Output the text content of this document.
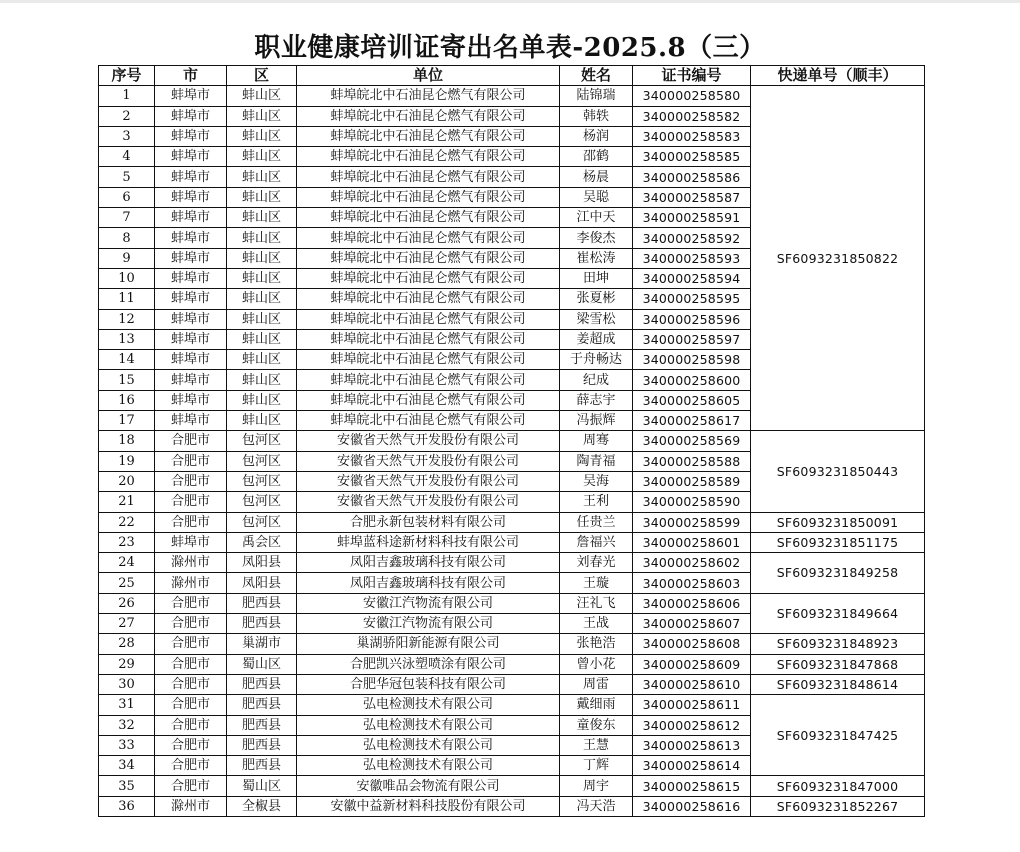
职业健康培训证寄出名单表-2025.8（三）
序号	市	区	单位	姓名	证书编号	快递单号（顺丰）
1	蚌埠市	蚌山区	蚌埠皖北中石油昆仑燃气有限公司	陆锦瑞	340000258580	SF6093231850822
2	蚌埠市	蚌山区	蚌埠皖北中石油昆仑燃气有限公司	韩轶	340000258582	
3	蚌埠市	蚌山区	蚌埠皖北中石油昆仑燃气有限公司	杨润	340000258583	
4	蚌埠市	蚌山区	蚌埠皖北中石油昆仑燃气有限公司	邵鹤	340000258585	
5	蚌埠市	蚌山区	蚌埠皖北中石油昆仑燃气有限公司	杨晨	340000258586	
6	蚌埠市	蚌山区	蚌埠皖北中石油昆仑燃气有限公司	吴聪	340000258587	
7	蚌埠市	蚌山区	蚌埠皖北中石油昆仑燃气有限公司	江中天	340000258591	
8	蚌埠市	蚌山区	蚌埠皖北中石油昆仑燃气有限公司	李俊杰	340000258592	
9	蚌埠市	蚌山区	蚌埠皖北中石油昆仑燃气有限公司	崔松涛	340000258593	
10	蚌埠市	蚌山区	蚌埠皖北中石油昆仑燃气有限公司	田坤	340000258594	
11	蚌埠市	蚌山区	蚌埠皖北中石油昆仑燃气有限公司	张夏彬	340000258595	
12	蚌埠市	蚌山区	蚌埠皖北中石油昆仑燃气有限公司	梁雪松	340000258596	
13	蚌埠市	蚌山区	蚌埠皖北中石油昆仑燃气有限公司	姜超成	340000258597	
14	蚌埠市	蚌山区	蚌埠皖北中石油昆仑燃气有限公司	于舟畅达	340000258598	
15	蚌埠市	蚌山区	蚌埠皖北中石油昆仑燃气有限公司	纪成	340000258600	
16	蚌埠市	蚌山区	蚌埠皖北中石油昆仑燃气有限公司	薛志宇	340000258605	
17	蚌埠市	蚌山区	蚌埠皖北中石油昆仑燃气有限公司	冯振辉	340000258617	
18	合肥市	包河区	安徽省天然气开发股份有限公司	周骞	340000258569	SF6093231850443
19	合肥市	包河区	安徽省天然气开发股份有限公司	陶青福	340000258588	
20	合肥市	包河区	安徽省天然气开发股份有限公司	吴海	340000258589	
21	合肥市	包河区	安徽省天然气开发股份有限公司	王利	340000258590	
22	合肥市	包河区	合肥永新包装材料有限公司	任贵兰	340000258599	SF6093231850091
23	蚌埠市	禹会区	蚌埠蓝科途新材料科技有限公司	詹福兴	340000258601	SF6093231851175
24	滁州市	凤阳县	凤阳吉鑫玻璃科技有限公司	刘春光	340000258602	SF6093231849258
25	滁州市	凤阳县	凤阳吉鑫玻璃科技有限公司	王璇	340000258603	
26	合肥市	肥西县	安徽江汽物流有限公司	汪礼飞	340000258606	SF6093231849664
27	合肥市	肥西县	安徽江汽物流有限公司	王战	340000258607	
28	合肥市	巢湖市	巢湖骄阳新能源有限公司	张艳浩	340000258608	SF6093231848923
29	合肥市	蜀山区	合肥凯兴泳塑喷涂有限公司	曾小花	340000258609	SF6093231847868
30	合肥市	肥西县	合肥华冠包装科技有限公司	周雷	340000258610	SF6093231848614
31	合肥市	肥西县	弘电检测技术有限公司	戴细雨	340000258611	SF6093231847425
32	合肥市	肥西县	弘电检测技术有限公司	童俊东	340000258612	
33	合肥市	肥西县	弘电检测技术有限公司	王慧	340000258613	
34	合肥市	肥西县	弘电检测技术有限公司	丁辉	340000258614	
35	合肥市	蜀山区	安徽唯品会物流有限公司	周宇	340000258615	SF6093231847000
36	滁州市	全椒县	安徽中益新材料科技股份有限公司	冯天浩	340000258616	SF6093231852267
